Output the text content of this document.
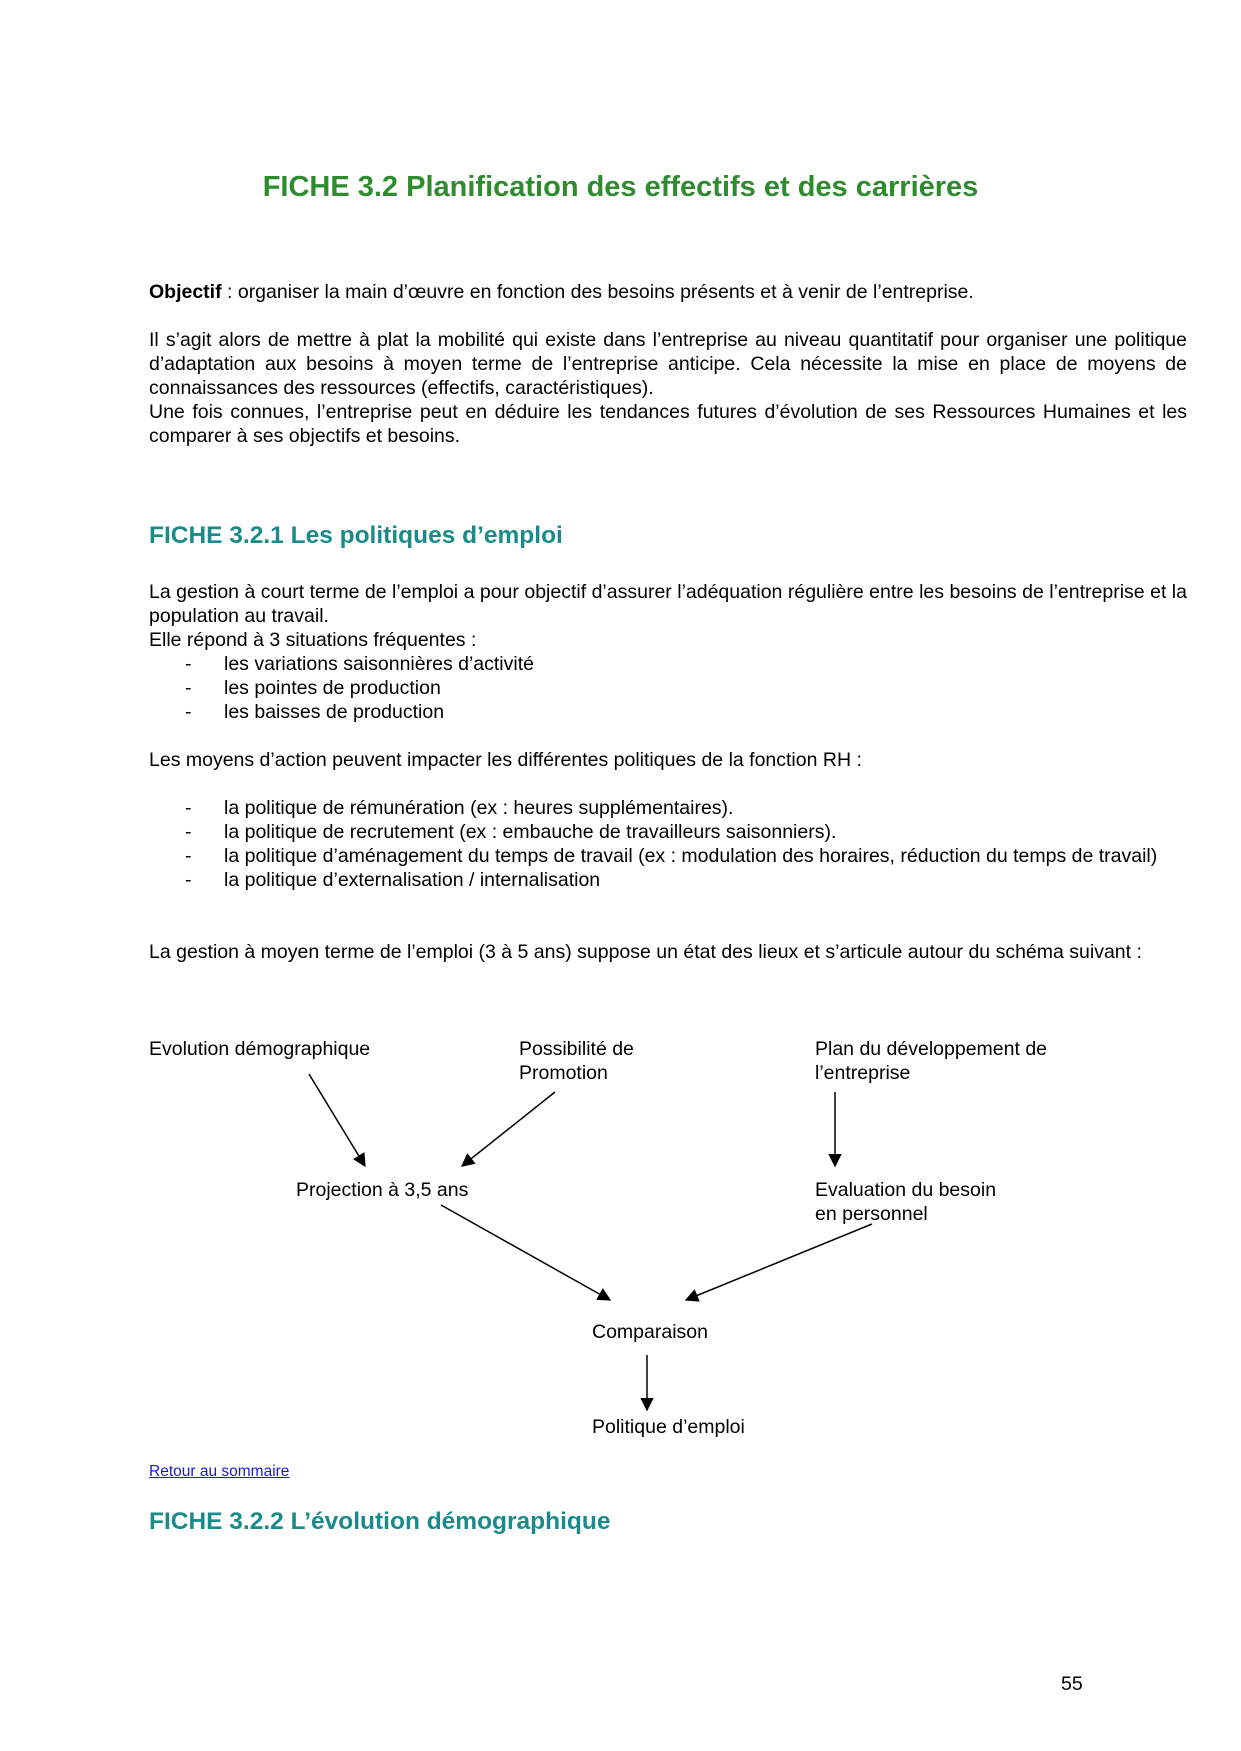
FICHE 3.2 Planification des effectifs et des carrières

Objectif : organiser la main d’œuvre en fonction des besoins présents et à venir de l’entreprise.

Il s’agit alors de mettre à plat la mobilité qui existe dans l’entreprise au niveau quantitatif pour organiser une politique d’adaptation aux besoins à moyen terme de l’entreprise anticipe. Cela nécessite la mise en place de moyens de connaissances des ressources (effectifs, caractéristiques).

Une fois connues, l’entreprise peut en déduire les tendances futures d’évolution de ses Ressources Humaines et les comparer à ses objectifs et besoins.

FICHE 3.2.1 Les politiques d’emploi

La gestion à court terme de l’emploi a pour objectif d’assurer l’adéquation régulière entre les besoins de l’entreprise et la population au travail.

Elle répond à 3 situations fréquentes :

- les variations saisonnières d’activité
- les pointes de production
- les baisses de production
Les moyens d’action peuvent impacter les différentes politiques de la fonction RH :
- la politique de rémunération (ex : heures supplémentaires).
- la politique de recrutement (ex : embauche de travailleurs saisonniers).
- la politique d’aménagement du temps de travail (ex : modulation des horaires, réduction du temps de travail)
- la politique d’externalisation / internalisation
La gestion à moyen terme de l’emploi (3 à 5 ans) suppose un état des lieux et s’articule autour du schéma suivant :
Evolution démographique	Possibilité de
Promotion
Plan du développement de
l’entreprise
Projection à 3,5 ans	Evaluation du besoin
en personnel
Comparaison
Politique d’emploi
Retour au sommaire
FICHE 3.2.2 L’évolution démographique
55
